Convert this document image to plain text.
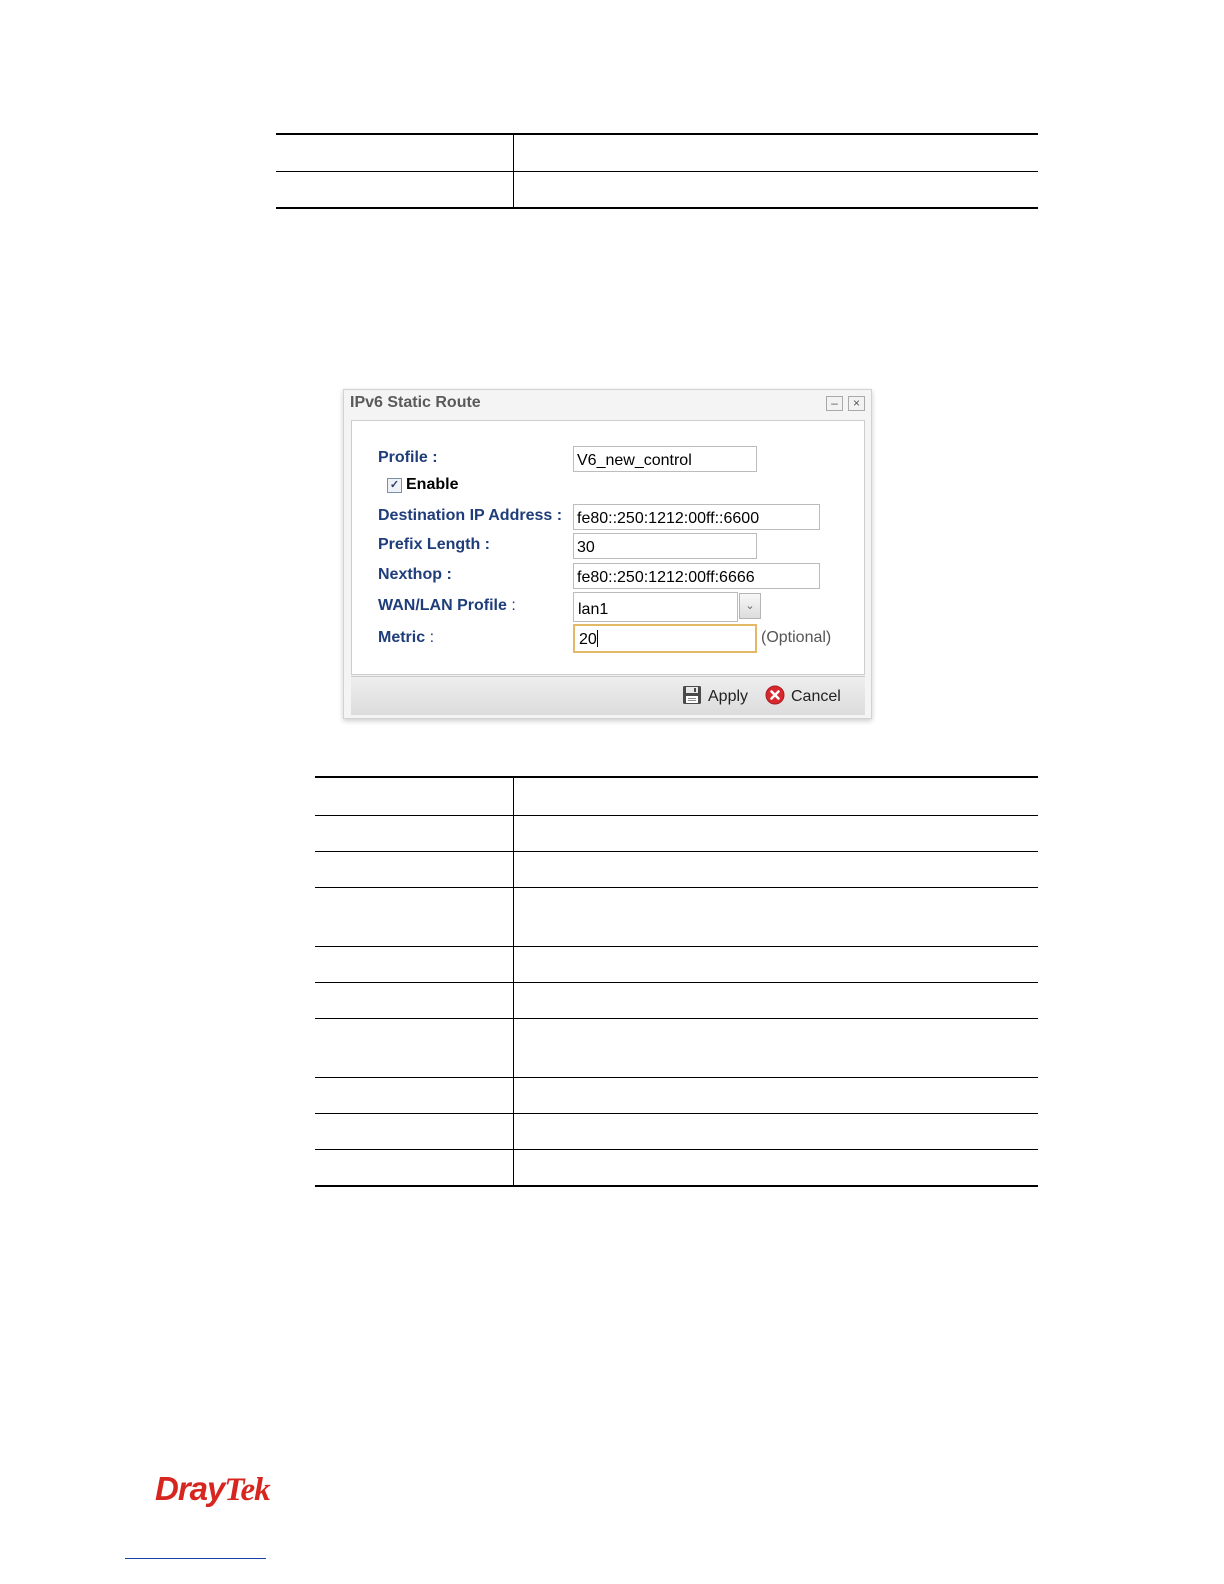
IPv6 Static Route	–	×
Profile :	V6_new_control
✓ Enable
Destination IP Address : fe80::250:1212:00ff::6600
Prefix Length :	30
Nexthop :	fe80::250:1212:00ff:6666
WAN/LAN Profile :	lan1	⌄
Metric :	20	(Optional)
Apply	Cancel

DrayTek
